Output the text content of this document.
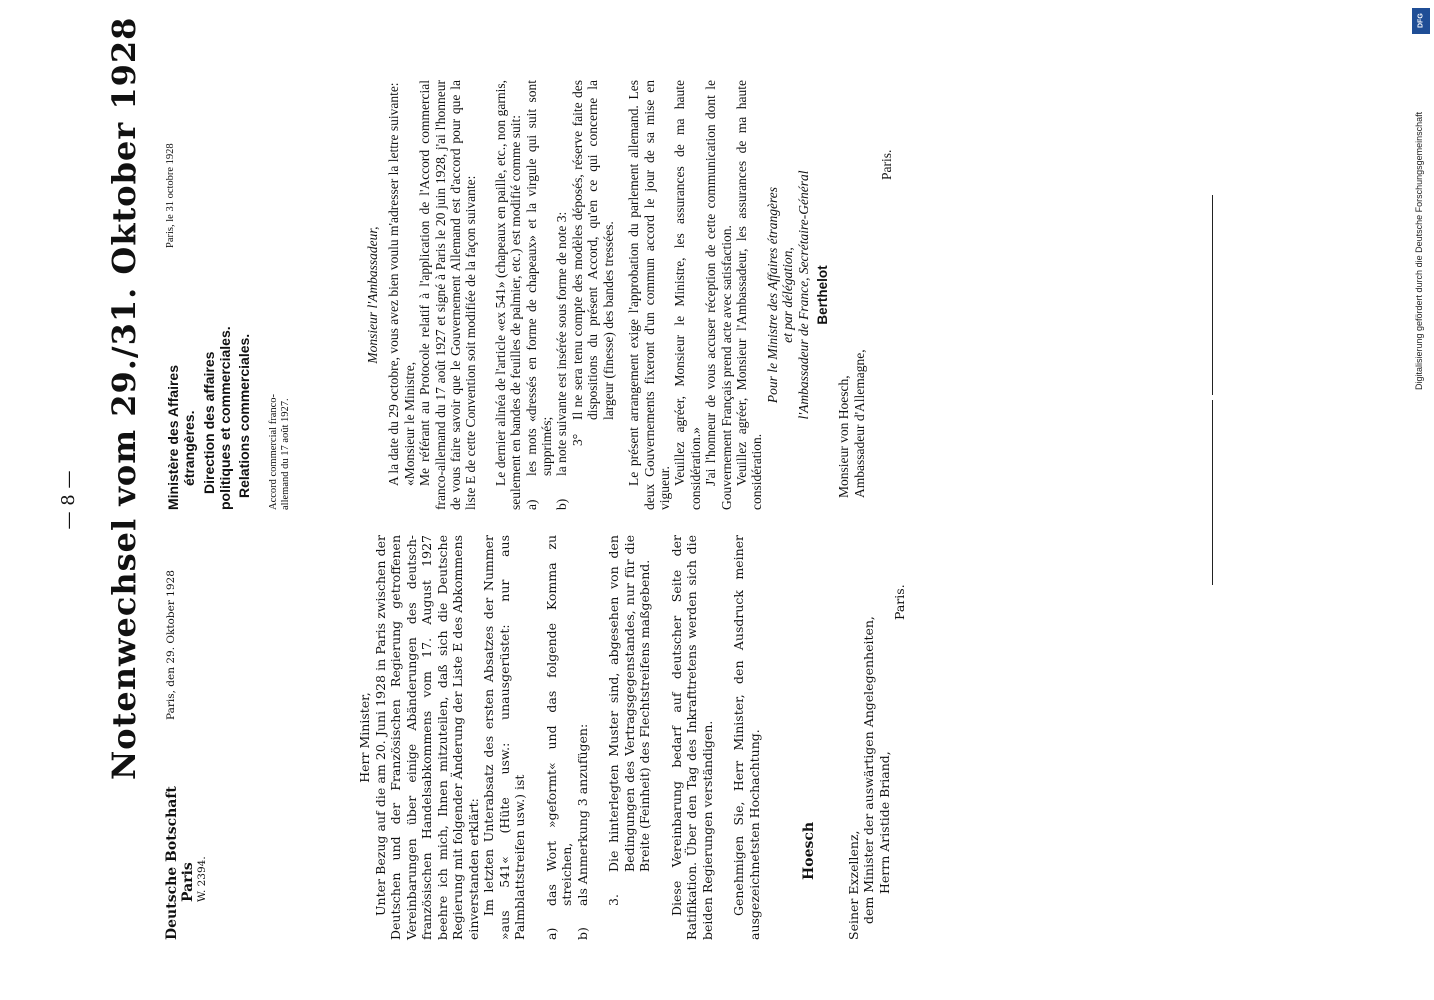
— 8 — Notenwechsel vom 29./31. Oktober 1928
Deutsche Botschaft Paris W. 2394.
Paris, den 29. Oktober 1928
Herr Minister, Unter Bezug auf die am 20. Juni 1928 in Paris zwischen der Deutschen und der Französischen Regierung getroffenen Vereinbarungen über einige Abänderungen des deutsch-französischen Handelsabkommens vom 17. August 1927 beehre ich mich, Ihnen mitzuteilen, daß sich die Deutsche Regierung mit folgender Änderung der Liste E des Abkommens einverstanden erklärt: Im letzten Unterabsatz des ersten Absatzes der Nummer »aus 541« (Hüte usw.: unausgerüstet: nur aus Palmblattstreifen usw.) ist a)
das Wort »geformt« und das folgende Komma zu streichen,
b)
als Anmerkung 3 anzufügen: 3.
Die hinterlegten Muster sind, abgesehen von den Bedingungen des Vertragsgegenstandes, nur für die Breite (Feinheit) des Flechtstreifens maßgebend. Diese Vereinbarung bedarf auf deutscher Seite der Ratifikation. Über den Tag des Inkrafttretens werden sich die beiden Regierungen verständigen. Genehmigen Sie, Herr Minister, den Ausdruck meiner ausgezeichnetsten Hochachtung.	Hoesch Seiner Exzellenz, dem Minister der auswärtigen Angelegenheiten, Herrn Aristide Briand,
Paris.
Ministère des Affaires étrangères. Direction des affaires politiques et commerciales. Relations commerciales. Accord commercial franco- allemand du 17 août 1927.
Paris, le 31 octobre 1928
Monsieur l'Ambassadeur, A la date du 29 octobre, vous avez bien voulu m'adresser la lettre suivante: «Monsieur le Ministre, Me référant au Protocole relatif à l'application de l'Accord commercial franco-allemand du 17 août 1927 et signé à Paris le 20 juin 1928, j'ai l'honneur de vous faire savoir que le Gouvernement Allemand est d'accord pour que la liste E de cette Convention soit modifiée de la façon suivante: Le dernier alinéa de l'article «ex 541» (chapeaux en paille, etc., non garnis, seulement en bandes de feuilles de palmier, etc.) est modifié comme suit: a)
les mots «dressés en forme de chapeaux» et la virgule qui suit sont supprimés;
b)
la note suivante est insérée sous forme de note 3: 3°
Il ne sera tenu compte des modèles déposés, réserve faite des dispositions du présent Accord, qu'en ce qui concerne la largeur (finesse) des bandes tressées. Le présent arrangement exige l'approbation du parlement allemand. Les deux Gouvernements fixeront d'un commun accord le jour de sa mise en vigueur.

Veuillez agréer, Monsieur le Ministre, les assurances de ma haute considération.» J'ai l'honneur de vous accuser réception de cette communication dont le Gouvernement Français prend acte avec satisfaction. Veuillez agréer, Monsieur l'Ambassadeur, les assurances de ma haute considération.

Pour le Ministre des Affaires étrangères et par délégation, l'Ambassadeur de France, Secrétaire-Général Berthelot
Monsieur von Hoesch, Ambassadeur d'Allemagne,
Paris.
DFG
Digitalisierung gefördert durch die Deutsche Forschungsgemeinschaft
